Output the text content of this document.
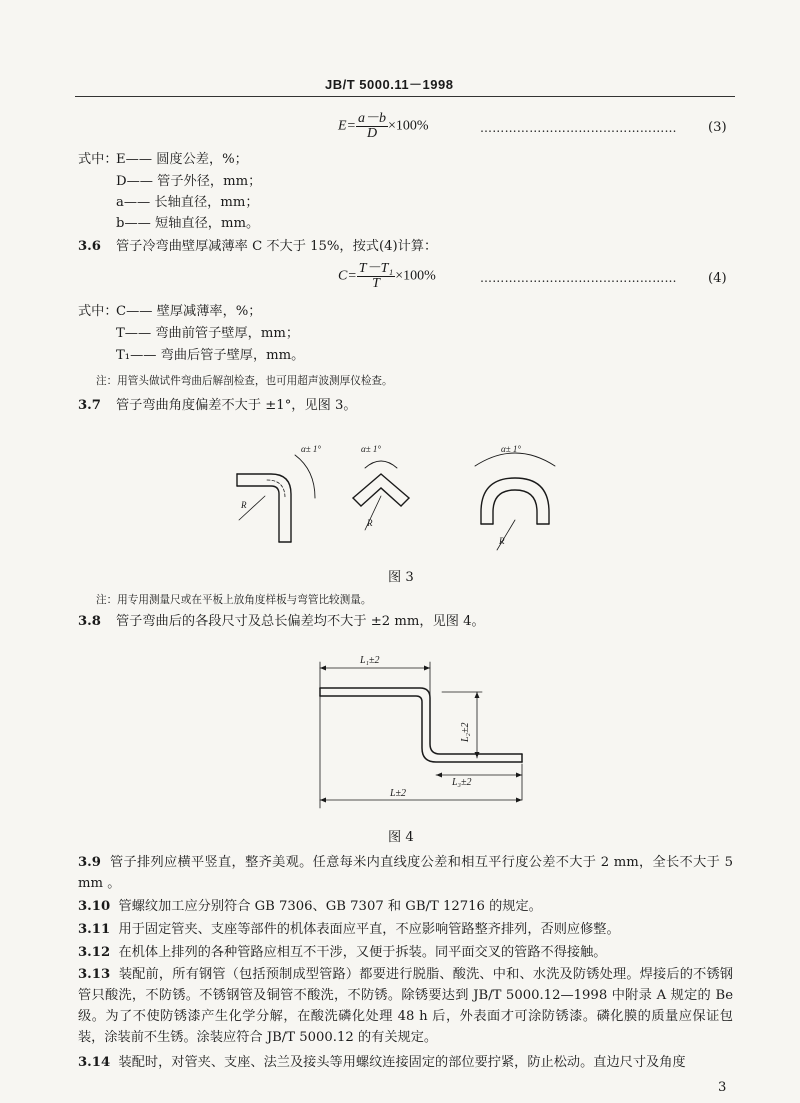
JB/T 5000.11－1998
$E= \frac{a-b}{D} \times 100\%$	………………………………………… (3)
式中：
E—— 圆度公差，%；
D—— 管子外径，mm；
a—— 长轴直径，mm；
b—— 短轴直径，mm。
3.6 管子冷弯曲壁厚减薄率 C 不大于 15%，按式(4)计算：
$C= \frac{\text{T－T₁}}{T} \times 100\%$	………………………………………… (4)
式中：
C—— 壁厚减薄率，%；
T—— 弯曲前管子壁厚，mm；
T₁—— 弯曲后管子壁厚，mm。
注：用管头做试件弯曲后解剖检查，也可用超声波测厚仪检查。
3.7 管子弯曲角度偏差不大于 ±1°，见图 3。
α± 1°
R
α± 1°
R
α± 1°
R
图 3
注：用专用测量尺或在平板上放角度样板与弯管比较测量。
3.8 管子弯曲后的各段尺寸及总长偏差均不大于 ±2 mm，见图 4。
L₁±2
L₂±2
L₃±2
L±2
图 4
3.9 管子排列应横平竖直，整齐美观。任意每米内直线度公差和相互平行度公差不大于 2 mm，全长不大于 5 mm 。
3.10 管螺纹加工应分别符合 GB 7306、GB 7307 和 GB/T 12716 的规定。
3.11 用于固定管夹、支座等部件的机体表面应平直，不应影响管路整齐排列，否则应修整。
3.12 在机体上排列的各种管路应相互不干涉，又便于拆装。同平面交叉的管路不得接触。
3.13 装配前，所有钢管（包括预制成型管路）都要进行脱脂、酸洗、中和、水洗及防锈处理。焊接后的不锈钢管只酸洗，不防锈。不锈钢管及铜管不酸洗，不防锈。除锈要达到 JB/T 5000.12—1998 中附录 A 规定的 Be 级。为了不使防锈漆产生化学分解，在酸洗磷化处理 48 h 后，外表面才可涂防锈漆。磷化膜的质量应保证包装，涂装前不生锈。涂装应符合 JB/T 5000.12 的有关规定。
3.14 装配时，对管夹、支座、法兰及接头等用螺纹连接固定的部位要拧紧，防止松动。直边尺寸及角度
3
